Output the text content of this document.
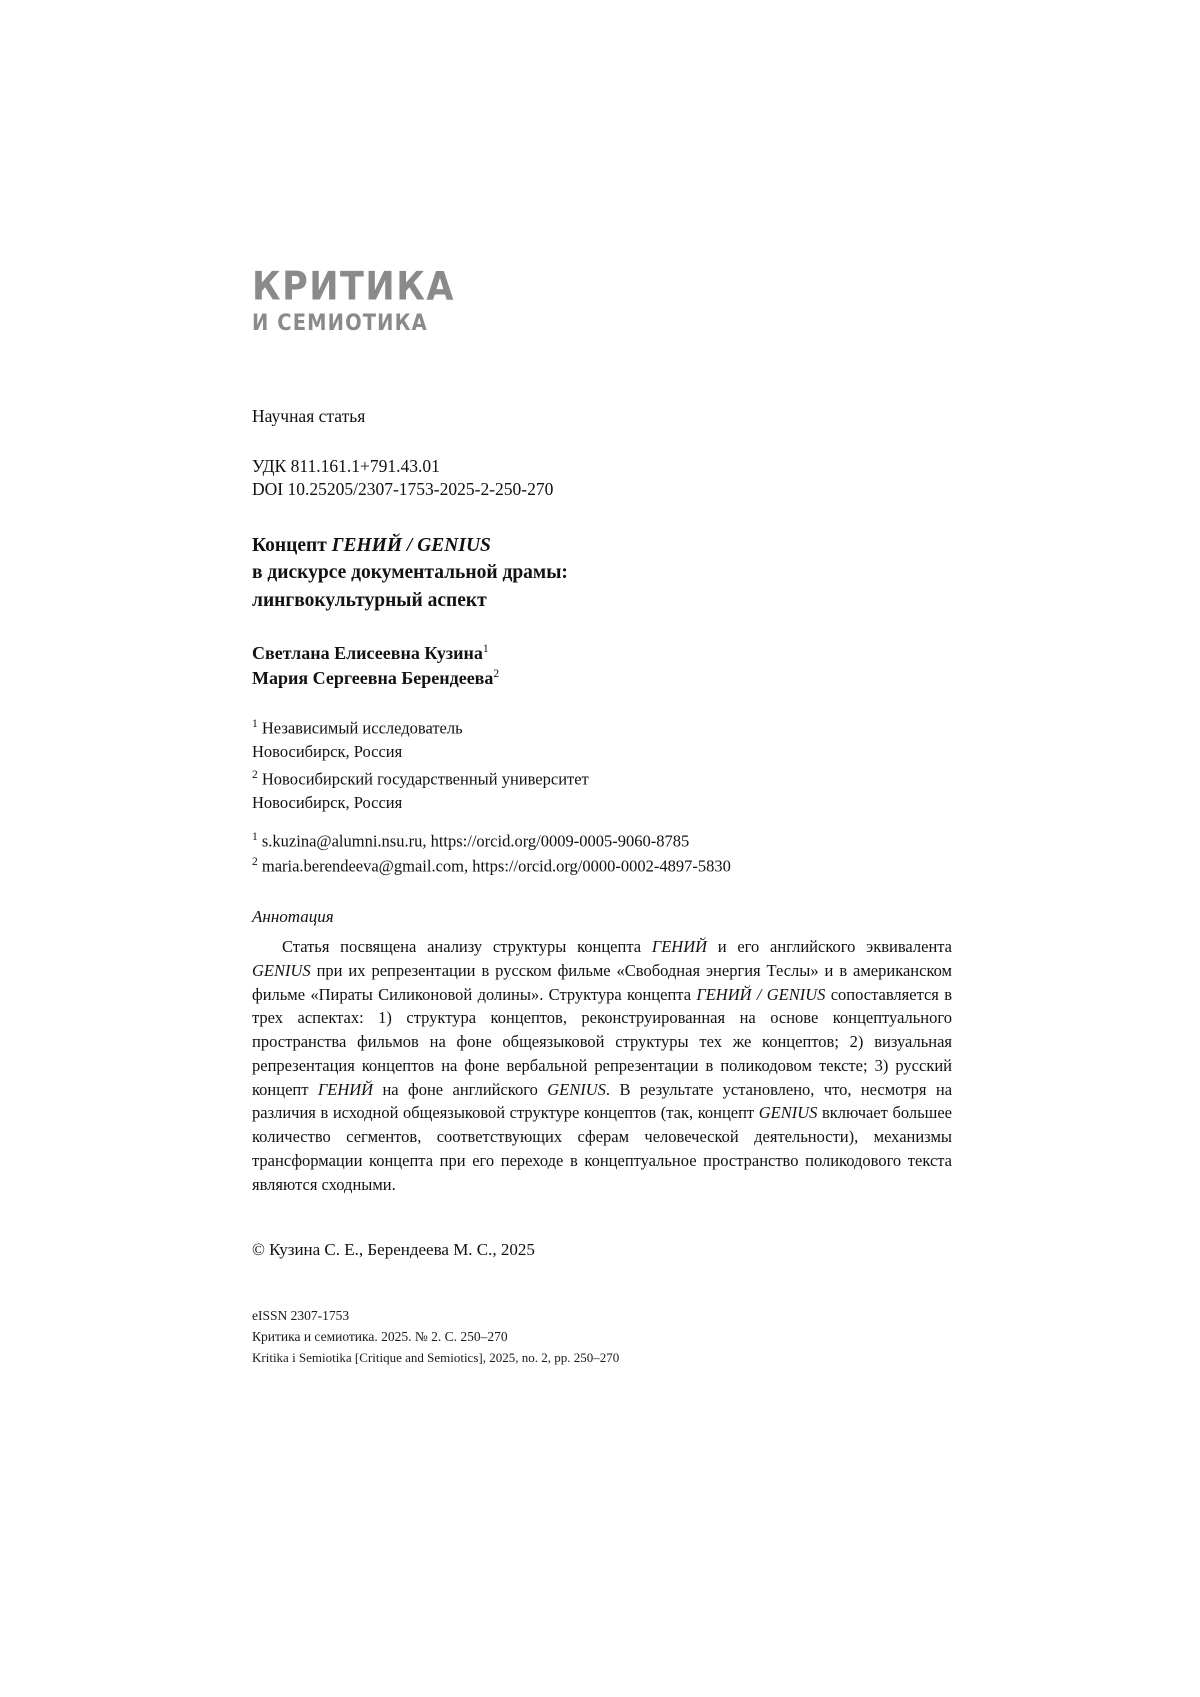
КРИТИКА
И СЕМИОТИКА
Научная статья
УДК 811.161.1+791.43.01
DOI 10.25205/2307-1753-2025-2-250-270
Концепт ГЕНИЙ / GENIUS
в дискурсе документальной драмы:
лингвокультурный аспект
Светлана Елисеевна Кузина$^1$
Мария Сергеевна Берендеева$^2$
$^1$ Независимый исследователь
Новосибирск, Россия
$^2$ Новосибирский государственный университет
Новосибирск, Россия
$^1$ s.kuzina@alumni.nsu.ru, https://orcid.org/0009-0005-9060-8785
$^2$ maria.berendeeva@gmail.com, https://orcid.org/0000-0002-4897-5830
Аннотация
Статья посвящена анализу структуры концепта ГЕНИЙ и его английского эквивалента GENIUS при их репрезентации в русском фильме «Свободная энергия Теслы» и в американском фильме «Пираты Силиконовой долины». Структура концепта ГЕНИЙ / GENIUS сопоставляется в трех аспектах: 1) структура концептов, реконструированная на основе концептуального пространства фильмов на фоне общеязыковой структуры тех же концептов; 2) визуальная репрезентация концептов на фоне вербальной репрезентации в поликодовом тексте; 3) русский концепт ГЕНИЙ на фоне английского GENIUS. В результате установлено, что, несмотря на различия в исходной общеязыковой структуре концептов (так, концепт GENIUS включает большее количество сегментов, соответствующих сферам человеческой деятельности), механизмы трансформации концепта при его переходе в концептуальное пространство поликодового текста являются сходными.
© Кузина С. Е., Берендеева М. С., 2025
eISSN 2307-1753
Критика и семиотика. 2025. № 2. С. 250–270
Kritika i Semiotika [Critique and Semiotics], 2025, no. 2, pp. 250–270
